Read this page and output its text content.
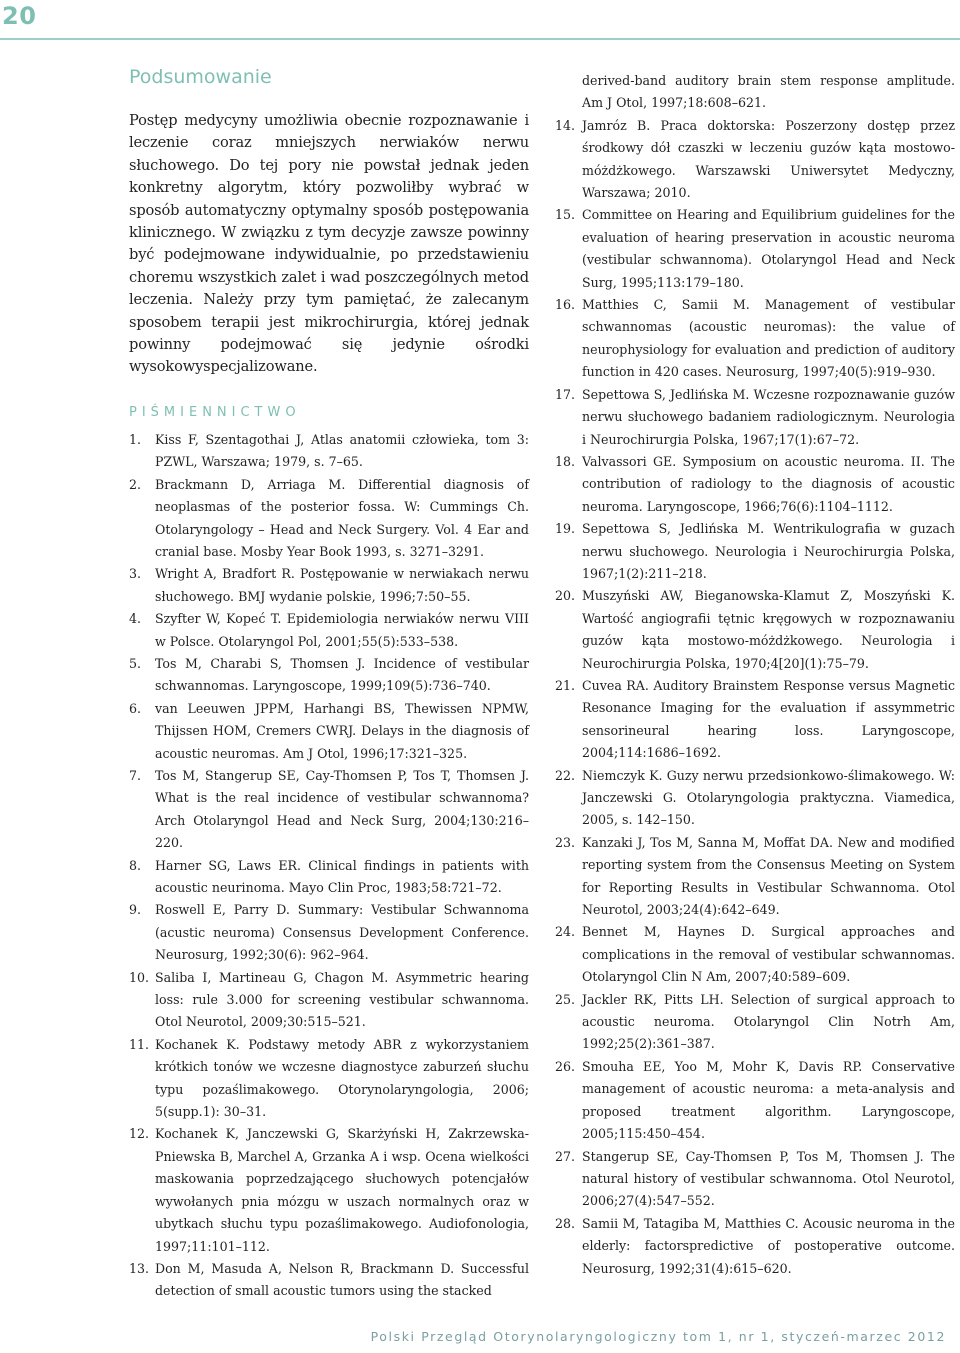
20
Podsumowanie

Postęp medycyny umożliwia obecnie rozpoznawanie i leczenie coraz mniejszych nerwiaków nerwu słuchowego. Do tej pory nie powstał jednak jeden konkretny algorytm, który pozwoliłby wybrać w sposób automatyczny optymalny sposób postępowania klinicznego. W związku z tym decyzje zawsze powinny być podejmowane indywidualnie, po przedstawieniu choremu wszystkich zalet i wad poszczególnych metod leczenia. Należy przy tym pamiętać, że zalecanym sposobem terapii jest mikrochirurgia, której jednak powinny podejmować się jedynie ośrodki wysokowyspecjalizowane.

PIŚMIENNICTWO
1.	Kiss F, Szentagothai J, Atlas anatomii człowieka, tom 3: PZWL, Warszawa; 1979, s. 7–65.
2.	Brackmann D, Arriaga M. Differential diagnosis of neoplasmas of the posterior fossa. W: Cummings Ch. Otolaryngology – Head and Neck Surgery. Vol. 4 Ear and cranial base. Mosby Year Book 1993, s. 3271–3291.
3.	Wright A, Bradfort R. Postępowanie w nerwiakach nerwu słuchowego. BMJ wydanie polskie, 1996;7:50–55.
4.	Szyfter W, Kopeć T. Epidemiologia nerwiaków nerwu VIII w Polsce. Otolaryngol Pol, 2001;55(5):533–538.
5.	Tos M, Charabi S, Thomsen J. Incidence of vestibular schwannomas. Laryngoscope, 1999;109(5):736–740.
6.	van Leeuwen JPPM, Harhangi BS, Thewissen NPMW, Thijssen HOM, Cremers CWRJ. Delays in the diagnosis of acoustic neuromas. Am J Otol, 1996;17:321–325.
7.	Tos M, Stangerup SE, Cay-Thomsen P, Tos T, Thomsen J. What is the real incidence of vestibular schwannoma? Arch Otolaryngol Head and Neck Surg, 2004;130:216–220.
8.	Harner SG, Laws ER. Clinical findings in patients with acoustic neurinoma. Mayo Clin Proc, 1983;58:721–72.
9.	Roswell E, Parry D. Summary: Vestibular Schwannoma (acustic neuroma) Consensus Development Conference. Neurosurg, 1992;30(6): 962–964.
10. Saliba I, Martineau G, Chagon M. Asymmetric hearing loss: rule 3.000 for screening vestibular schwannoma. Otol Neurotol, 2009;30:515–521.
11. Kochanek K. Podstawy metody ABR z wykorzystaniem krótkich tonów we wczesne diagnostyce zaburzeń słuchu typu pozaślimakowego. Otorynolaryngologia, 2006; 5(supp.1): 30–31.
12. Kochanek K, Janczewski G, Skarżyński H, Zakrzewska-Pniewska B, Marchel A, Grzanka A i wsp. Ocena wielkości maskowania poprzedzającego słuchowych potencjałów wywołanych pnia mózgu w uszach normalnych oraz w ubytkach słuchu typu pozaślimakowego. Audiofonologia, 1997;11:101–112.
13. Don M, Masuda A, Nelson R, Brackmann D. Successful detection of small acoustic tumors using the stacked

derived-band auditory brain stem response amplitude. Am J Otol, 1997;18:608–621.

14. Jamróz B. Praca doktorska: Poszerzony dostęp przez środkowy dół czaszki w leczeniu guzów kąta mostowo-móżdżkowego. Warszawski Uniwersytet Medyczny, Warszawa; 2010.
15. Committee on Hearing and Equilibrium guidelines for the evaluation of hearing preservation in acoustic neuroma (vestibular schwannoma). Otolaryngol Head and Neck Surg, 1995;113:179–180.
16. Matthies C, Samii M. Management of vestibular schwannomas (acoustic neuromas): the value of neurophysiology for evaluation and prediction of auditory function in 420 cases. Neurosurg, 1997;40(5):919–930.
17. Sepettowa S, Jedlińska M. Wczesne rozpoznawanie guzów nerwu słuchowego badaniem radiologicznym. Neurologia i Neurochirurgia Polska, 1967;17(1):67–72.
18. Valvassori GE. Symposium on acoustic neuroma. II. The contribution of radiology to the diagnosis of acoustic neuroma. Laryngoscope, 1966;76(6):1104–1112.
19. Sepettowa S, Jedlińska M. Wentrikulografia w guzach nerwu słuchowego. Neurologia i Neurochirurgia Polska, 1967;1(2):211–218.
20. Muszyński AW, Bieganowska-Klamut Z, Moszyński K. Wartość angiografii tętnic kręgowych w rozpoznawaniu guzów kąta mostowo-móżdżkowego. Neurologia i Neurochirurgia Polska, 1970;4[20](1):75–79.
21. Cuvea RA. Auditory Brainstem Response versus Magnetic Resonance Imaging for the evaluation if assymmetric sensorineural hearing loss. Laryngoscope, 2004;114:1686–1692.
22. Niemczyk K. Guzy nerwu przedsionkowo-ślimakowego. W: Janczewski G. Otolaryngologia praktyczna. Viamedica, 2005, s. 142–150.
23. Kanzaki J, Tos M, Sanna M, Moffat DA. New and modified reporting system from the Consensus Meeting on System for Reporting Results in Vestibular Schwannoma. Otol Neurotol, 2003;24(4):642–649.
24. Bennet M, Haynes D. Surgical approaches and complications in the removal of vestibular schwannomas. Otolaryngol Clin N Am, 2007;40:589–609.
25. Jackler RK, Pitts LH. Selection of surgical approach to acoustic neuroma. Otolaryngol Clin Notrh Am, 1992;25(2):361–387.
26. Smouha EE, Yoo M, Mohr K, Davis RP. Conservative management of acoustic neuroma: a meta-analysis and proposed treatment algorithm. Laryngoscope, 2005;115:450–454.
27. Stangerup SE, Cay-Thomsen P, Tos M, Thomsen J. The natural history of vestibular schwannoma. Otol Neurotol, 2006;27(4):547–552.
28. Samii M, Tatagiba M, Matthies C. Acousic neuroma in the elderly: factorspredictive of postoperative outcome. Neurosurg, 1992;31(4):615–620.
Polski Przegląd Otorynolaryngologiczny tom 1, nr 1, styczeń-marzec 2012
